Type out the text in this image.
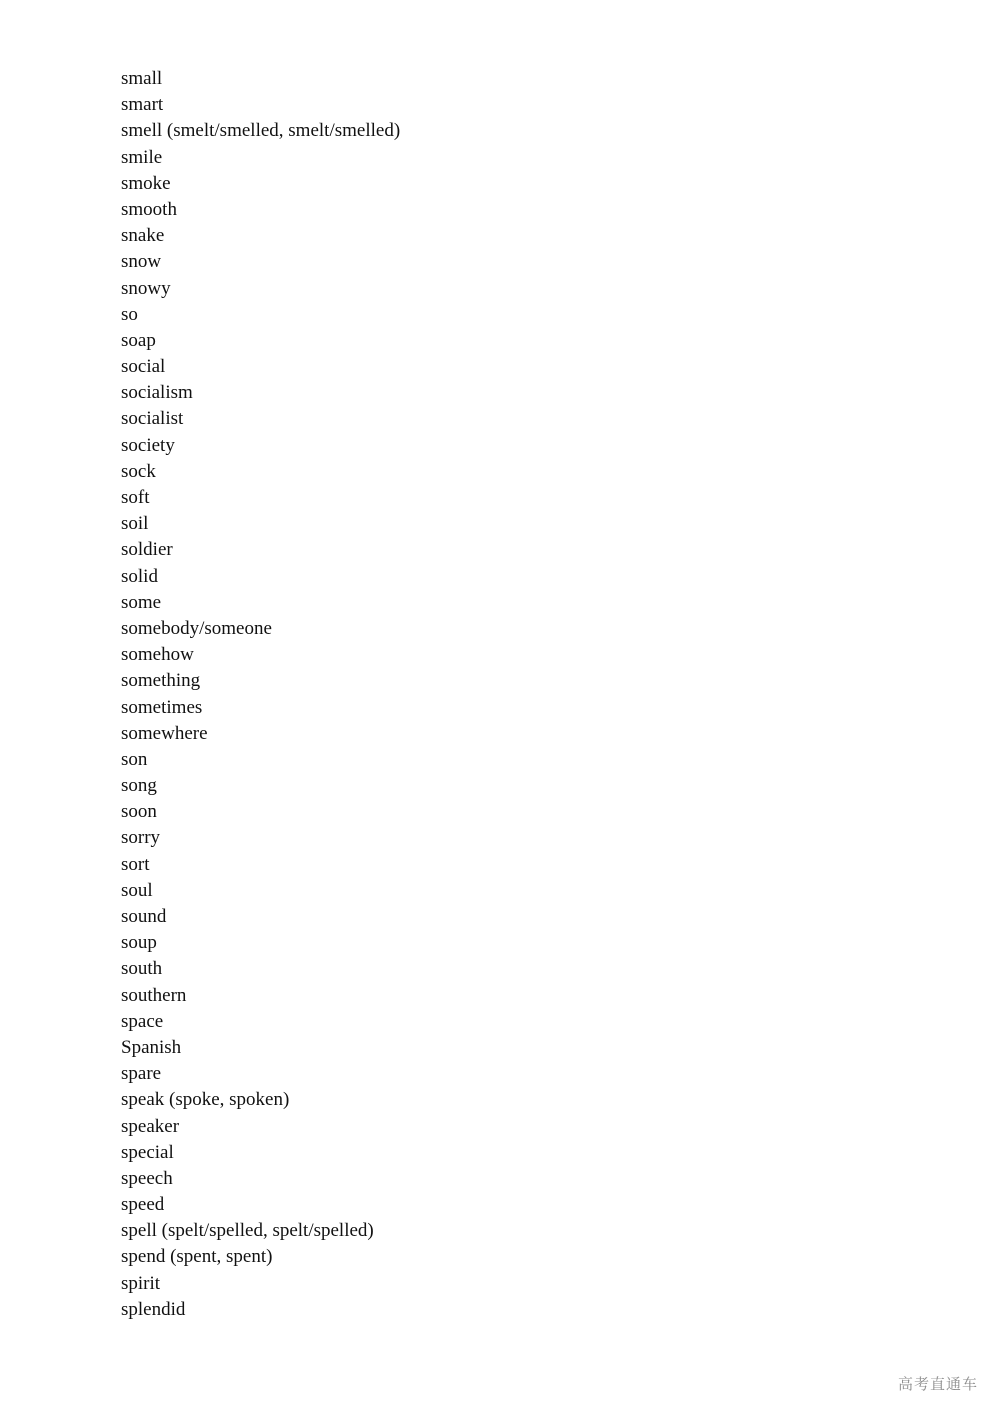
small
smart
smell (smelt/smelled, smelt/smelled)
smile
smoke
smooth
snake
snow
snowy
so
soap
social
socialism
socialist
society
sock
soft
soil
soldier
solid
some
somebody/someone
somehow
something
sometimes
somewhere
son
song
soon
sorry
sort
soul
sound
soup
south
southern
space
Spanish
spare
speak (spoke, spoken)
speaker
special
speech
speed
spell (spelt/spelled, spelt/spelled)
spend (spent, spent)
spirit
splendid
高考直通车
